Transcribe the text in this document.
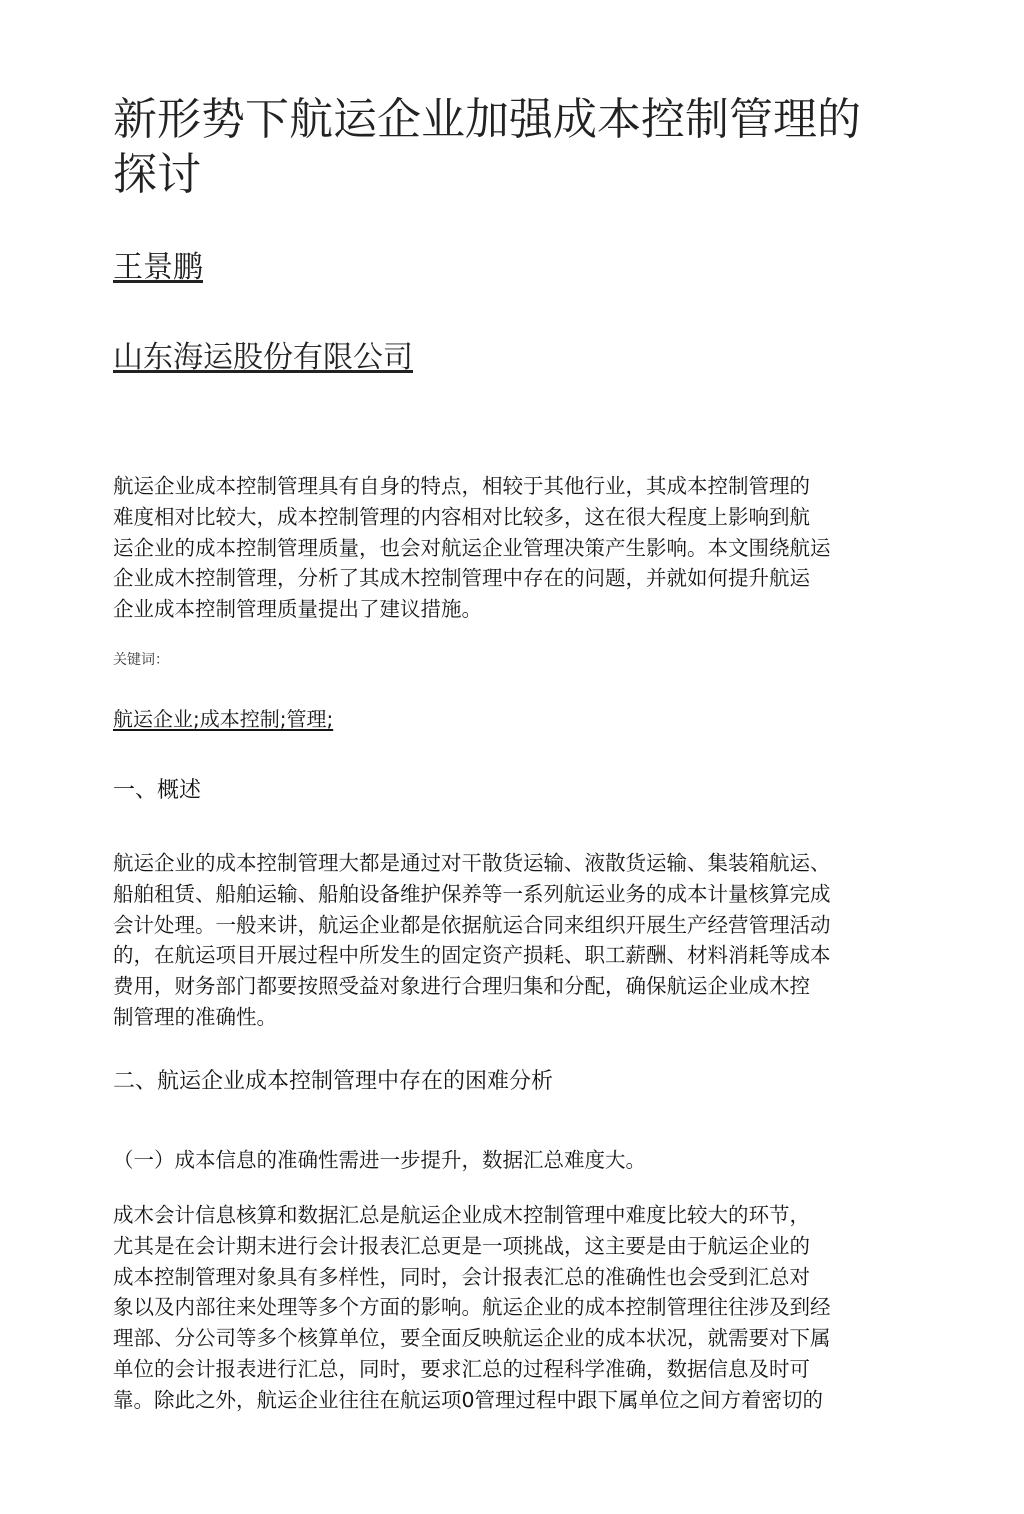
新形势下航运企业加强成本控制管理的
探讨
王景鹏
山东海运股份有限公司
航运企业成本控制管理具有自身的特点，相较于其他行业，其成本控制管理的
难度相对比较大，成本控制管理的内容相对比较多，这在很大程度上影响到航
运企业的成本控制管理质量，也会对航运企业管理决策产生影响。本文围绕航运
企业成木控制管理，分析了其成木控制管理中存在的问题，并就如何提升航运
企业成本控制管理质量提出了建议措施。
关键词：
航运企业;成本控制;管理;
一、概述
航运企业的成本控制管理大都是通过对干散货运输、液散货运输、集装箱航运、
船舶租赁、船舶运输、船舶设备维护保养等一系列航运业务的成本计量核算完成
会计处理。一般来讲，航运企业都是依据航运合同来组织幵展生产经营管理活动
的，在航运项目开展过程中所发生的固定资产损耗、职工薪酬、材料消耗等成本
费用，财务部门都要按照受益对象进行合理归集和分配，确保航运企业成木控
制管理的准确性。
二、航运企业成本控制管理中存在的困难分析
（一）成本信息的准确性需进一步提升，数据汇总难度大。
成木会计信息核算和数据汇总是航运企业成木控制管理中难度比较大的环节，
尤其是在会计期末进行会计报表汇总更是一项挑战，这主要是由于航运企业的
成本控制管理对象具有多样性，同时，会计报表汇总的准确性也会受到汇总对
象以及内部往来处理等多个方面的影响。航运企业的成本控制管理往往涉及到经
理部、分公司等多个核算单位，要全面反映航运企业的成本状况，就需要对下属
单位的会计报表进行汇总，同时，要求汇总的过程科学准确，数据信息及时可
靠。除此之外，航运企业往往在航运项0管理过程中跟下属单位之间方着密切的
